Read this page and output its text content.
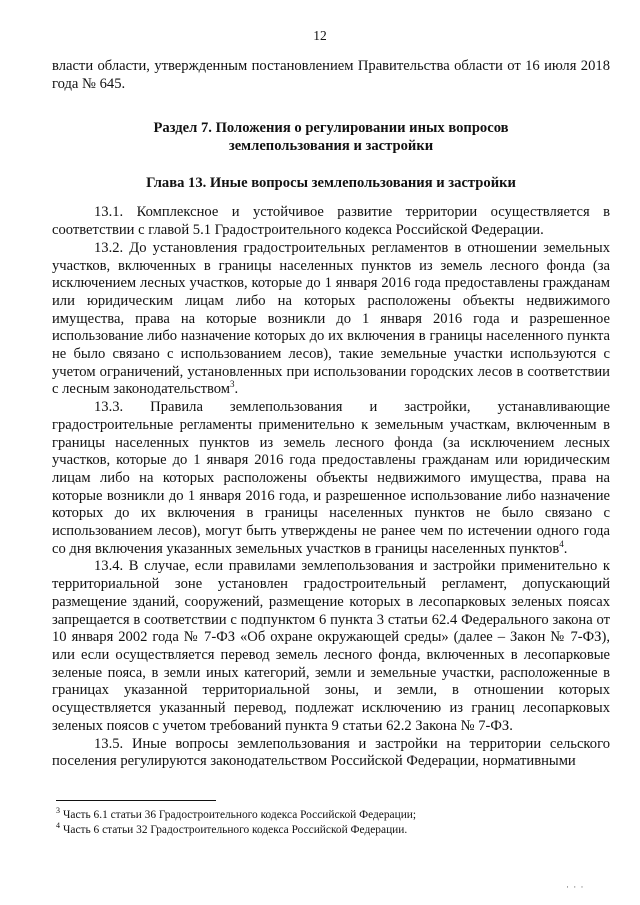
12

власти области, утвержденным постановлением Правительства области от 16 июля 2018 года № 645.

Раздел 7. Положения о регулировании иных вопросов
землепользования и застройки
Глава 13. Иные вопросы землепользования и застройки

13.1. Комплексное и устойчивое развитие территории осуществляется в соответствии с главой 5.1 Градостроительного кодекса Российской Федерации.

13.2. До установления градостроительных регламентов в отношении земельных участков, включенных в границы населенных пунктов из земель лесного фонда (за исключением лесных участков, которые до 1 января 2016 года предоставлены гражданам или юридическим лицам либо на которых расположены объекты недвижимого имущества, права на которые возникли до 1 января 2016 года и разрешенное использование либо назначение которых до их включения в границы населенного пункта не было связано с использованием лесов), такие земельные участки используются с учетом ограничений, установленных при использовании городских лесов в соответствии с лесным законодательством$^3$.

13.3. Правила землепользования и застройки, устанавливающие градостроительные регламенты применительно к земельным участкам, включенным в границы населенных пунктов из земель лесного фонда (за исключением лесных участков, которые до 1 января 2016 года предоставлены гражданам или юридическим лицам либо на которых расположены объекты недвижимого имущества, права на которые возникли до 1 января 2016 года, и разрешенное использование либо назначение которых до их включения в границы населенных пунктов не было связано с использованием лесов), могут быть утверждены не ранее чем по истечении одного года со дня включения указанных земельных участков в границы населенных пунктов$^4$.

13.4. В случае, если правилами землепользования и застройки применительно к территориальной зоне установлен градостроительный регламент, допускающий размещение зданий, сооружений, размещение которых в лесопарковых зеленых поясах запрещается в соответствии с подпунктом 6 пункта 3 статьи 62.4 Федерального закона от 10 января 2002 года № 7-ФЗ «Об охране окружающей среды» (далее – Закон № 7-ФЗ), или если осуществляется перевод земель лесного фонда, включенных в лесопарковые зеленые пояса, в земли иных категорий, земли и земельные участки, расположенные в границах указанной территориальной зоны, и земли, в отношении которых осуществляется указанный перевод, подлежат исключению из границ лесопарковых зеленых поясов с учетом требований пункта 9 статьи 62.2 Закона № 7-ФЗ.

13.5. Иные вопросы землепользования и застройки на территории сельского поселения регулируются законодательством Российской Федерации, нормативными

$^3$ Часть 6.1 статьи 36 Градостроительного кодекса Российской Федерации;

$^4$ Часть 6 статьи 32 Градостроительного кодекса Российской Федерации.

· · ·
